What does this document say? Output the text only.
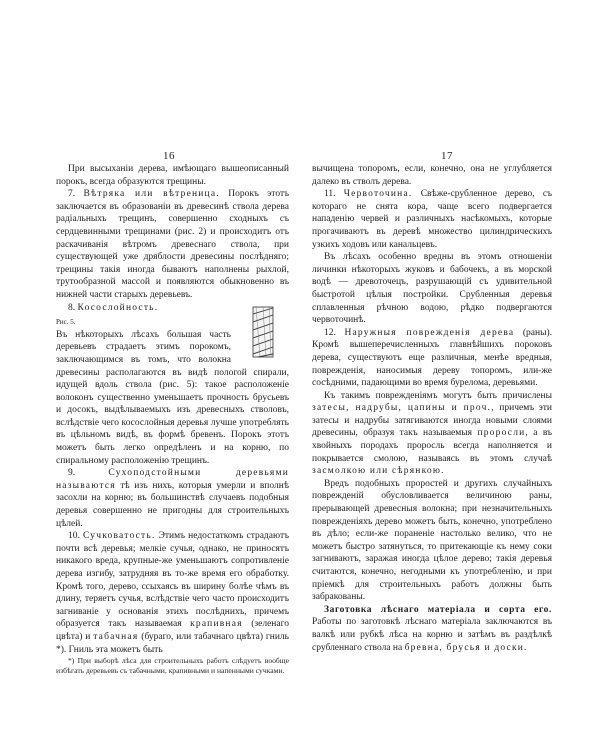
16	17

При высыханіи дерева, имѣющаго вышеописанный порокъ, всегда образуются трещины.

7. Вѣтряка или вѣтреница. Порокъ этотъ заключается въ образованіи въ древесинѣ ствола дерева радіальныхъ трещинъ, совершенно сходныхъ съ сердцевинными трещинами (рис. 2) и происходитъ отъ раскачиванія вѣтромъ древеснаго ствола, при существующей уже дряблости древесины послѣдняго; трещины такія иногда бываютъ наполнены рыхлой, трутообразной массой и появляются обыкновенно въ нижней части старыхъ деревьевъ.

8. Косослойность.

Рис. 5.
Въ нѣкоторыхъ лѣсахъ большая часть деревьевъ страдаетъ этимъ порокомъ, заключающимся въ томъ, что волокна древесины располагаются въ видѣ пологой спирали, идущей вдоль ствола (рис. 5): такое расположеніе волоконъ существенно уменьшаетъ прочность брусьевъ и досокъ, выдѣлываемыхъ изъ древесныхъ стволовъ, вслѣдствіе чего косослойныя деревья лучше употреблять въ цѣльномъ видѣ, въ формѣ бревенъ. Порокъ этотъ можетъ быть легко опредѣленъ и на корню, по спиральному расположенію трещинъ.

9.	Сухоподстойными деревьями называются тѣ изъ нихъ, которыя умерли и вполнѣ засохли на корню; въ большинствѣ случаевъ подобныя деревья совершенно не пригодны для строительныхъ цѣлей.

10. Сучковатость. Этимъ недостаткомъ страдаютъ почти всѣ деревья; мелкіе сучья, однако, не приносятъ никакого вреда, крупные-же уменьшаютъ сопротивленіе дерева изгибу, затрудняя въ то-же время его обработку. Кромѣ того, дерево, ссыхаясь въ ширину болѣе чѣмъ въ длину, теряетъ сучья, вслѣдствіе чего часто происходитъ загниваніе у основанія этихъ послѣднихъ, причемъ образуется такъ называемая крапивная (зеленаго цвѣта) и табачная (бураго, или табачнаго цвѣта) гниль *). Гниль эта можетъ быть

*) При выборѣ лѣса для строительныхъ работъ слѣдуетъ вообще избѣгать деревьевъ съ табачными, крапивными и напенными сучками.

вычищена топоромъ, если, конечно, она не углубляется далеко въ стволъ дерева.

11. Червоточина. Свѣже-срубленное дерево, съ котораго не снята кора, чаще всего подвергается нападенію червей и различныхъ насѣкомыхъ, которые прогачиваютъ въ деревѣ множество цилиндрическихъ узкихъ ходовъ или канальцевъ.

Въ лѣсахъ особенно вредны въ этомъ отношеніи личинки нѣкоторыхъ жуковъ и бабочекъ, а въ морской водѣ — древоточецъ, разрушающій съ удивительной быстротой цѣлыя постройки. Срубленныя деревья сплавленныя рѣчною водою, рѣдко подвергаются червоточинѣ.

12. Наружныя поврежденія дерева (раны). Кромѣ вышеперечисленныхъ главнѣйшихъ пороковъ дерева, существуютъ еще различныя, менѣе вредныя, поврежденія, наносимыя дереву топоромъ, или-же сосѣдними, падающими во время бурелома, деревьями.

Къ такимъ поврежденіямъ могутъ быть причислены затесы, надрубы, цапины и проч., причемъ эти затесы и надрубы затягиваются иногда новыми слоями древесины, образуя такъ называемыя проросли, а въ хвойныхъ породахъ проросль всегда наполняется и покрывается смолою, называясь въ этомъ случаѣ засмолкою или сѣрянкою.

Вредъ подобныхъ проростей и другихъ случайныхъ поврежденій обусловливается величиною раны, прерывающей древесныя волокна; при незначительныхъ поврежденіяхъ дерево можетъ быть, конечно, употреблено въ дѣло; если-же пораненіе настолько велико, что не можетъ быстро затянуться, то притекающіе къ нему соки загниваютъ, заражая иногда цѣлое дерево; такія деревья считаются, конечно, негодными къ употребленію, и при пріемкѣ для строительныхъ работъ должны быть забракованы.

Заготовка лѣснаго матеріала и сорта его. Работы по заготовкѣ лѣснаго матеріала заключаются въ валкѣ или рубкѣ лѣса на корню и затѣмъ въ раздѣлкѣ срубленнаго ствола на бревна, брусья и доски.
